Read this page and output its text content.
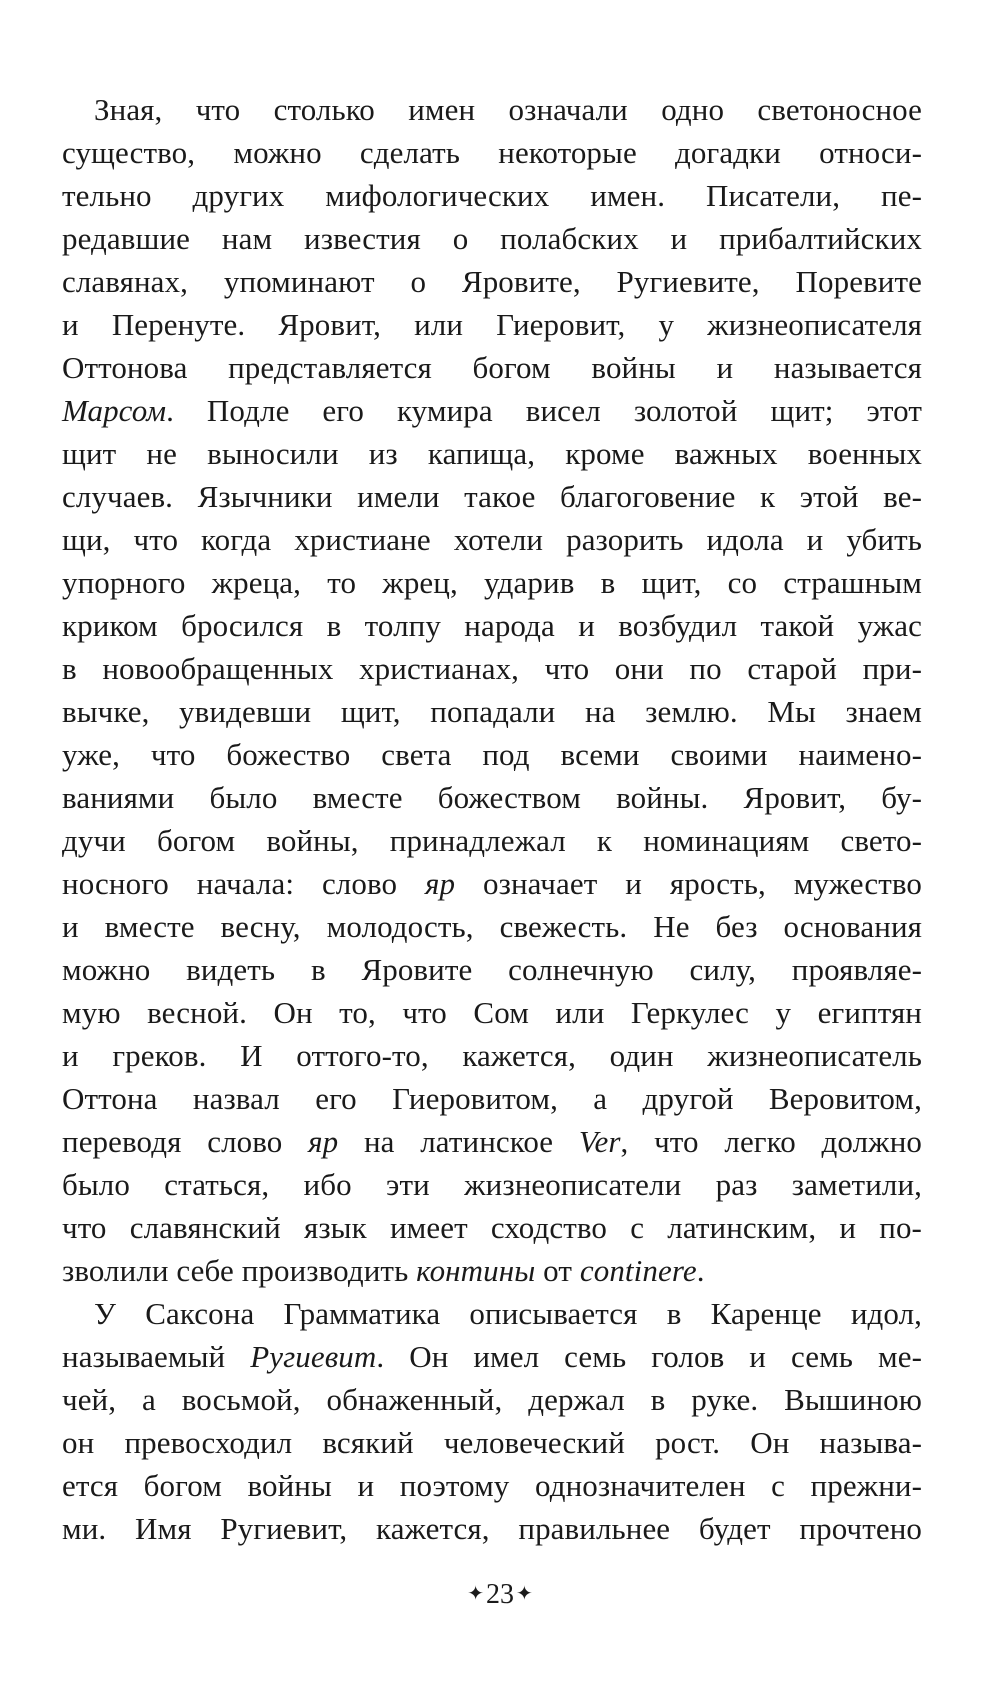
Зная, что столько имен означали одно светоносное
существо, можно сделать некоторые догадки относи-
тельно других мифологических имен. Писатели, пе-
редавшие нам известия о полабских и прибалтийских
славянах, упоминают о Яровите, Ругиевите, Поревите
и Перенуте. Яровит, или Гиеровит, у жизнеописателя
Оттонова представляется богом войны и называется
Марсом. Подле его кумира висел золотой щит; этот
щит не выносили из капища, кроме важных военных
случаев. Язычники имели такое благоговение к этой ве-
щи, что когда христиане хотели разорить идола и убить
упорного жреца, то жрец, ударив в щит, со страшным
криком бросился в толпу народа и возбудил такой ужас
в новообращенных христианах, что они по старой при-
вычке, увидевши щит, попадали на землю. Мы знаем
уже, что божество света под всеми своими наимено-
ваниями было вместе божеством войны. Яровит, бу-
дучи богом войны, принадлежал к номинациям свето-
носного начала: слово яр означает и ярость, мужество
и вместе весну, молодость, свежесть. Не без основания
можно видеть в Яровите солнечную силу, проявляе-
мую весной. Он то, что Сом или Геркулес у египтян
и греков. И оттого-то, кажется, один жизнеописатель
Оттона назвал его Гиеровитом, а другой Веровитом,
переводя слово яр на латинское Ver, что легко должно
было статься, ибо эти жизнеописатели раз заметили,
что славянский язык имеет сходство с латинским, и по-
зволили себе производить контины от continere.
У Саксона Грамматика описывается в Каренце идол,
называемый Ругиевит. Он имел семь голов и семь ме-
чей, а восьмой, обнаженный, держал в руке. Вышиною
он превосходил всякий человеческий рост. Он называ-
ется богом войны и поэтому однозначителен с прежни-
ми. Имя Ругиевит, кажется, правильнее будет прочтено
✦23 ✦
